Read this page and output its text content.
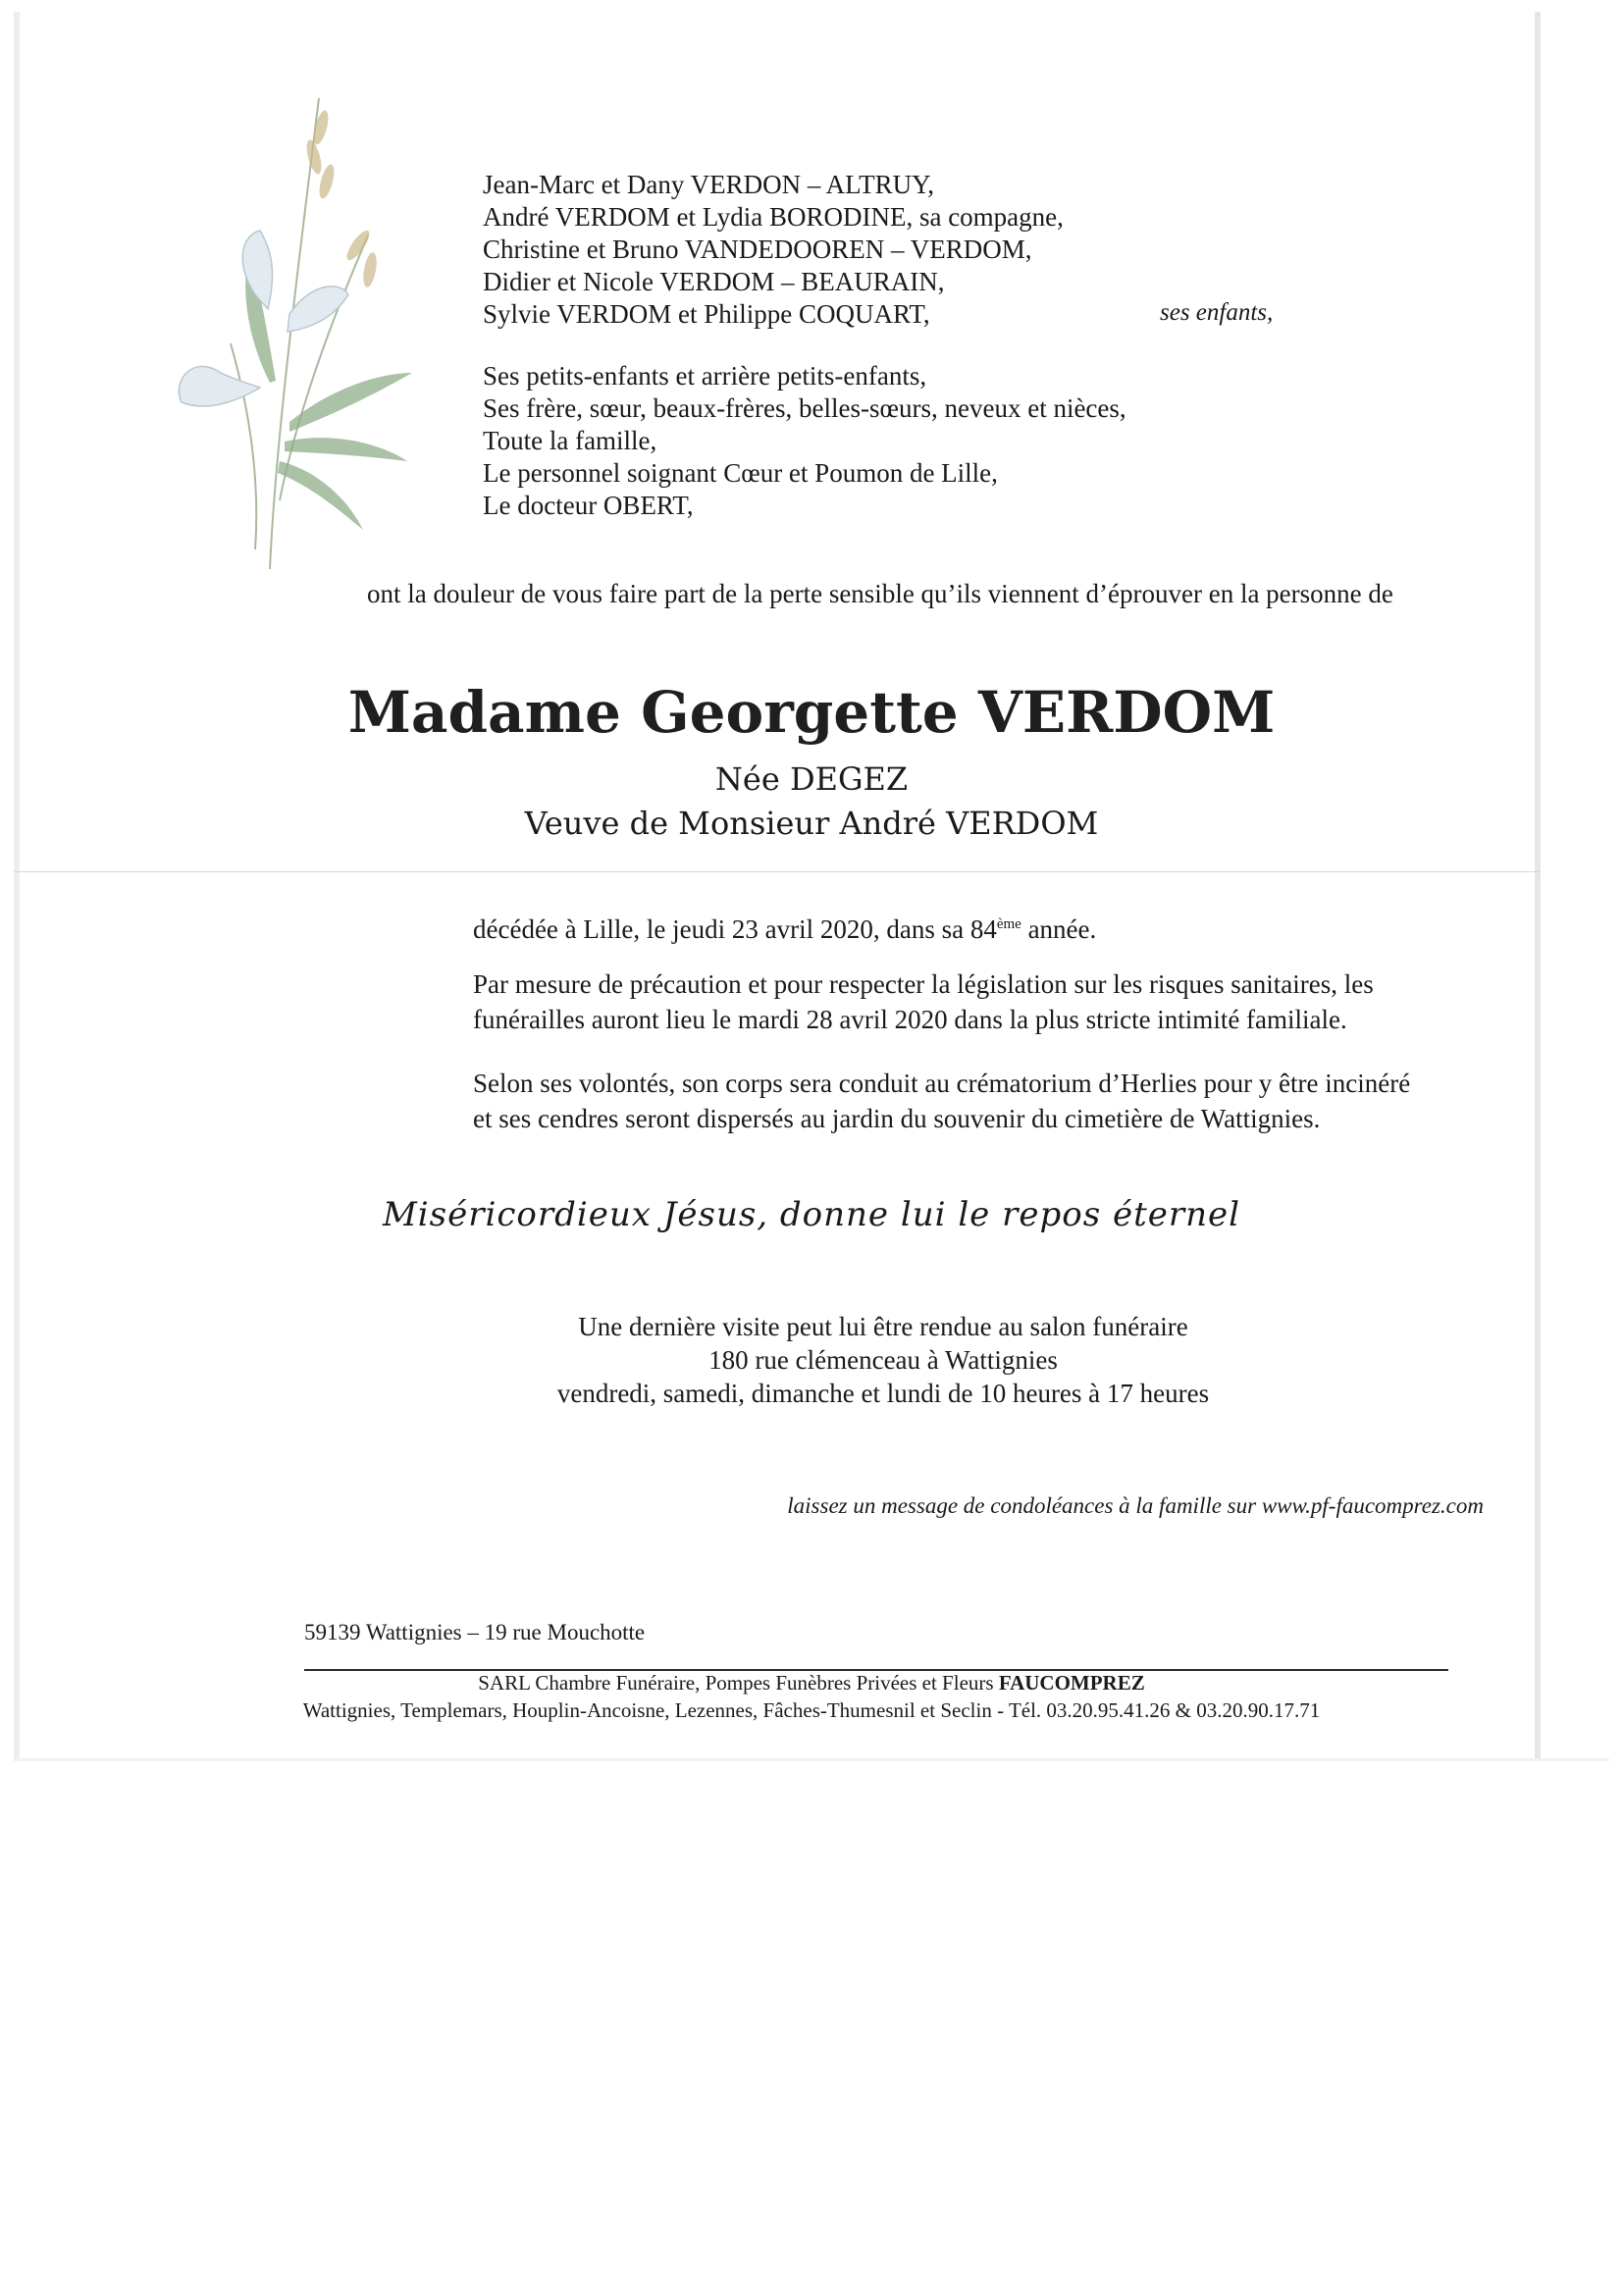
Jean-Marc et Dany VERDON – ALTRUY,

André VERDOM et Lydia BORODINE, sa compagne,

Christine et Bruno VANDEDOOREN – VERDOM,

Didier et Nicole VERDOM – BEAURAIN,

Sylvie VERDOM et Philippe COQUART,	ses enfants,

Ses petits-enfants et arrière petits-enfants,

Ses frère, sœur, beaux-frères, belles-sœurs, neveux et nièces,

Toute la famille,

Le personnel soignant Cœur et Poumon de Lille,

Le docteur OBERT,

ont la douleur de vous faire part de la perte sensible qu’ils viennent d’éprouver en la personne de

Madame Georgette VERDOM

Née DEGEZ

Veuve de Monsieur André VERDOM

décédée à Lille, le jeudi 23 avril 2020, dans sa 84ème année.

Par mesure de précaution et pour respecter la législation sur les risques sanitaires, les

funérailles auront lieu le mardi 28 avril 2020 dans la plus stricte intimité familiale.

Selon ses volontés, son corps sera conduit au crématorium d’Herlies pour y être incinéré

et ses cendres seront dispersés au jardin du souvenir du cimetière de Wattignies.

Miséricordieux Jésus, donne lui le repos éternel

Une dernière visite peut lui être rendue au salon funéraire

180 rue clémenceau à Wattignies

vendredi, samedi, dimanche et lundi de 10 heures à 17 heures

laissez un message de condoléances à la famille sur www.pf-faucomprez.com

59139 Wattignies – 19 rue Mouchotte

SARL Chambre Funéraire, Pompes Funèbres Privées et Fleurs FAUCOMPREZ

Wattignies, Templemars, Houplin-Ancoisne, Lezennes, Fâches-Thumesnil et Seclin - Tél. 03.20.95.41.26 & 03.20.90.17.71
